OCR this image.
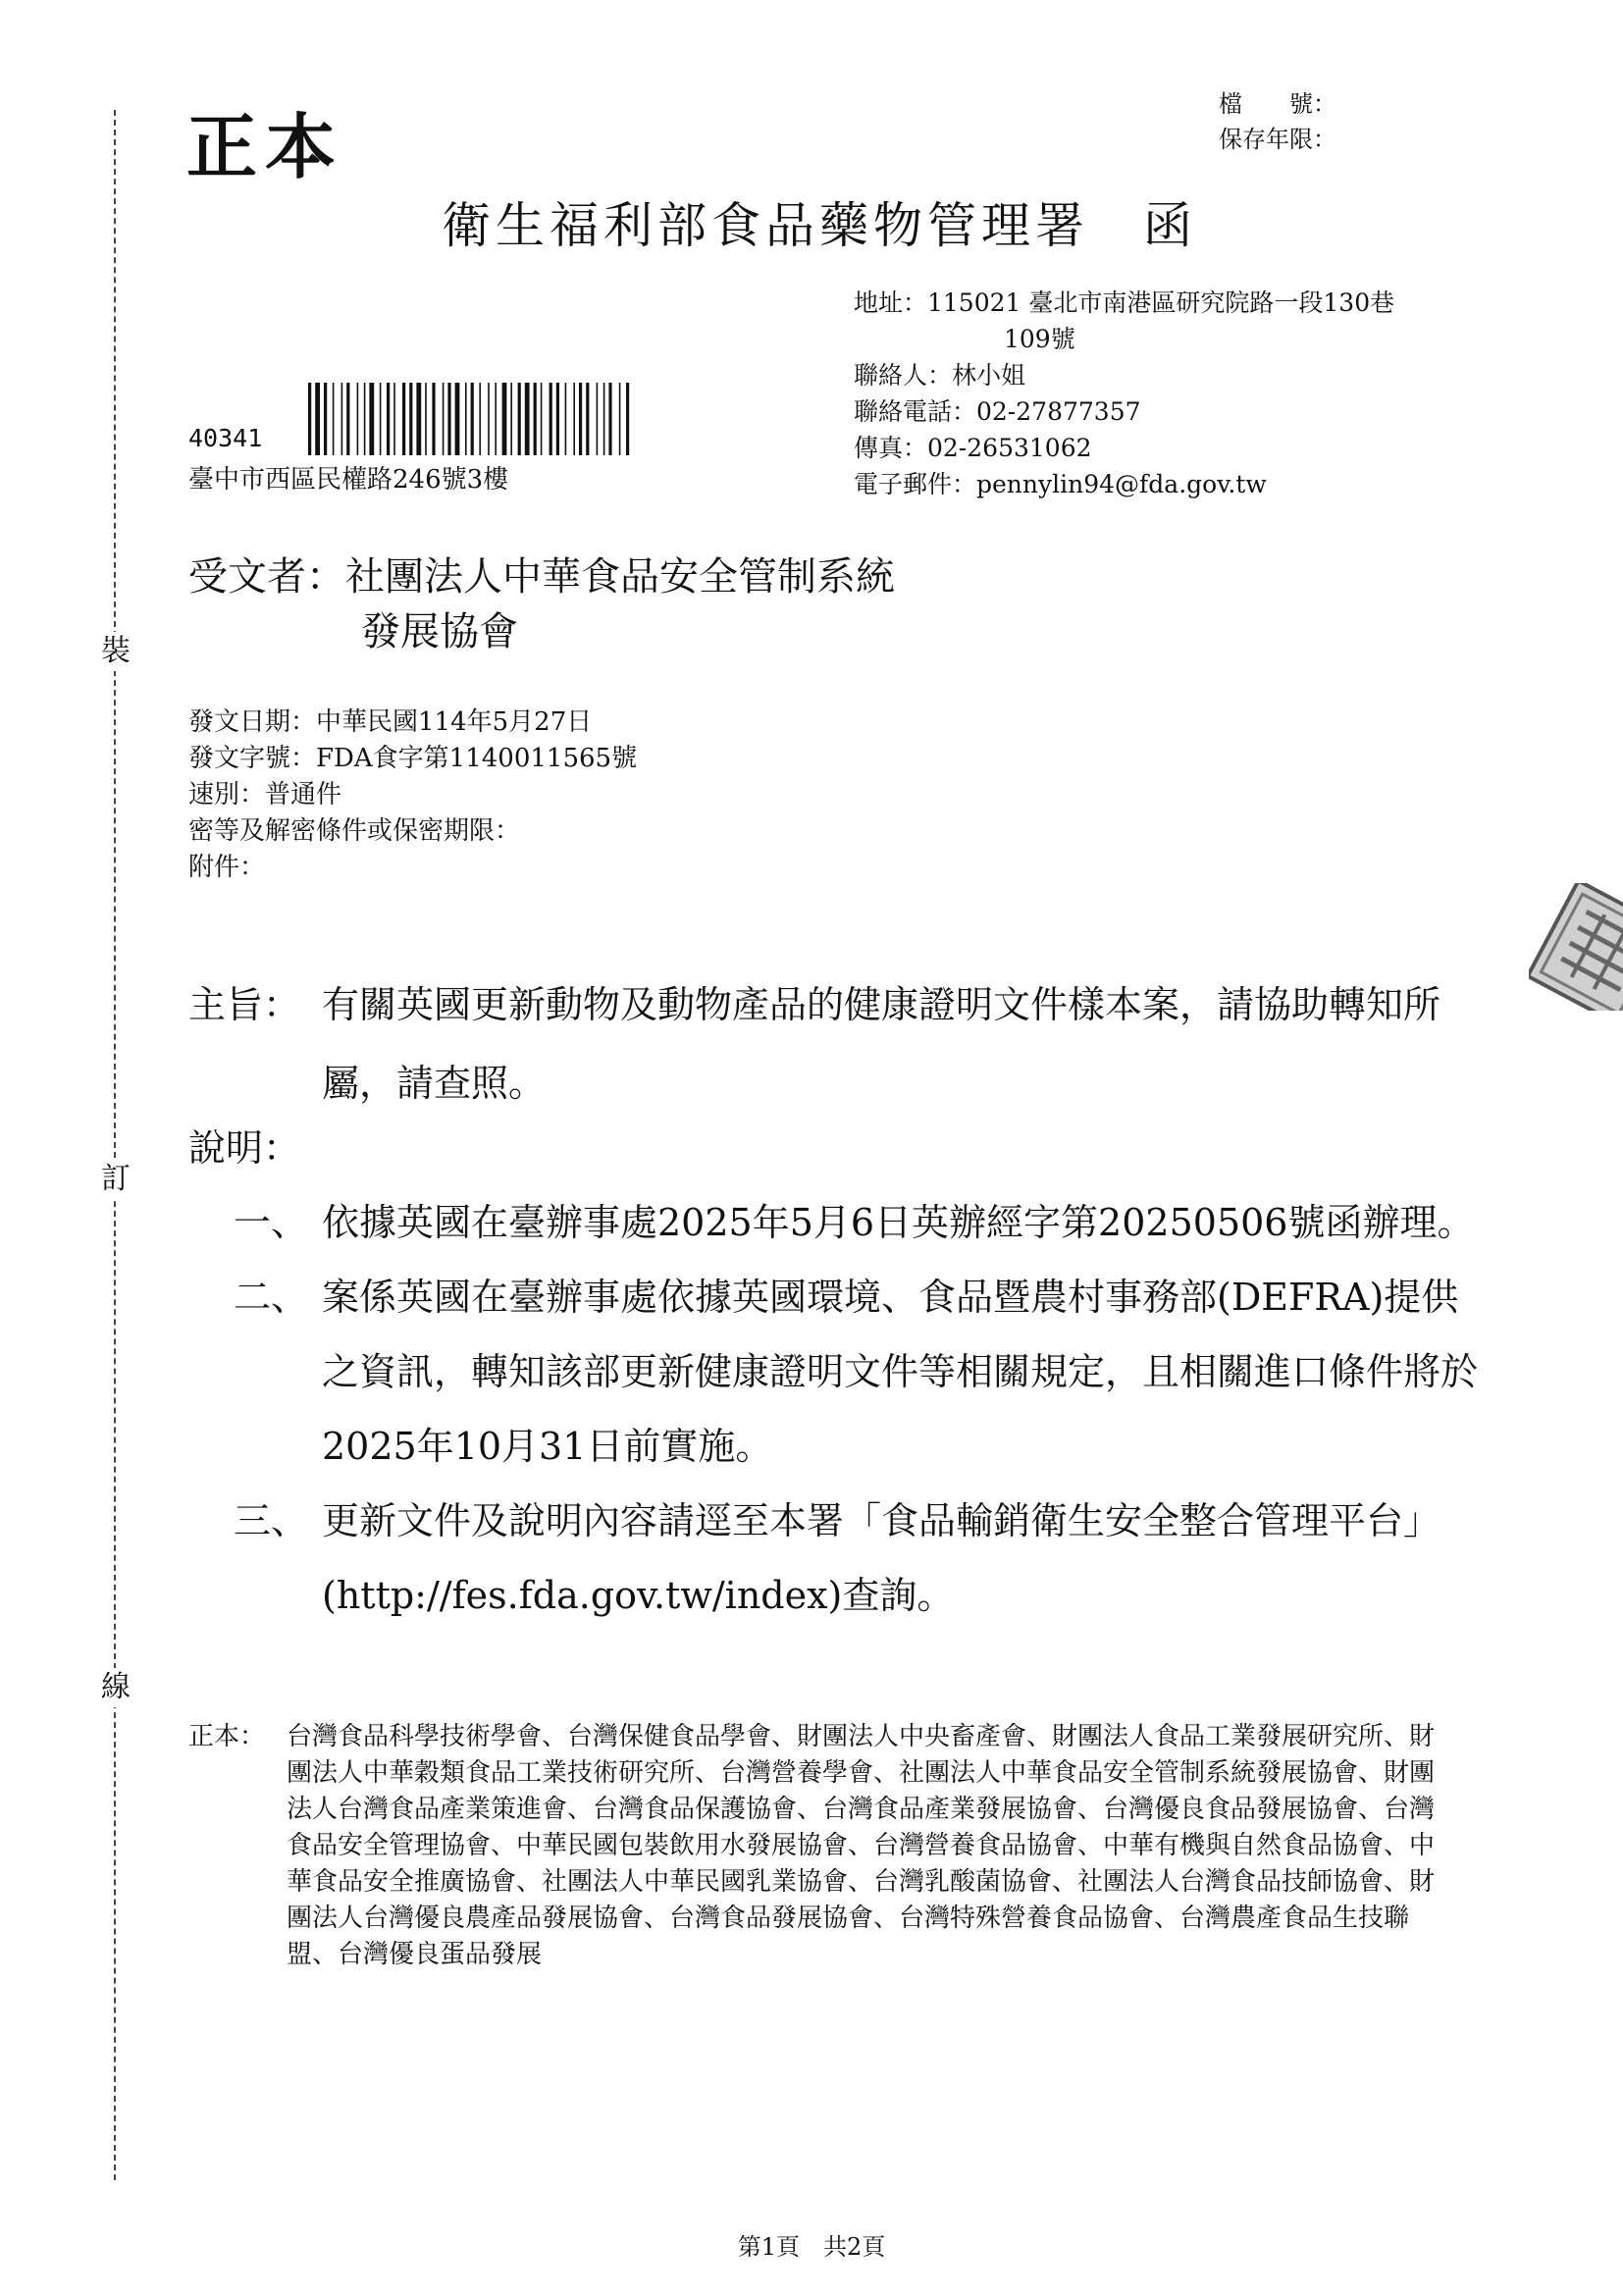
裝
訂
線
正本
檔　　號：
保存年限：
衛生福利部食品藥物管理署　函
地址：115021 臺北市南港區研究院路一段130巷
109號
聯絡人：林小姐
聯絡電話：02-27877357
傳真：02-26531062
電子郵件：pennylin94@fda.gov.tw
40341
臺中市西區民權路246號3樓
受文者：社團法人中華食品安全管制系統
發展協會
發文日期：中華民國114年5月27日
發文字號：FDA食字第1140011565號
速別：普通件
密等及解密條件或保密期限：
附件：
主旨： 有關英國更新動物及動物產品的健康證明文件樣本案，請協助轉知所屬，請查照。
說明：
一、 依據英國在臺辦事處2025年5月6日英辦經字第20250506號函辦理。
二、 案係英國在臺辦事處依據英國環境、食品暨農村事務部(DEFRA)提供之資訊，轉知該部更新健康證明文件等相關規定，且相關進口條件將於2025年10月31日前實施。
三、 更新文件及說明內容請逕至本署「食品輸銷衛生安全整合管理平台」(http://fes.fda.gov.tw/index)查詢。
正本： 台灣食品科學技術學會、台灣保健食品學會、財團法人中央畜產會、財團法人食品工業發展研究所、財團法人中華穀類食品工業技術研究所、台灣營養學會、社團法人中華食品安全管制系統發展協會、財團法人台灣食品產業策進會、台灣食品保護協會、台灣食品產業發展協會、台灣優良食品發展協會、台灣食品安全管理協會、中華民國包裝飲用水發展協會、台灣營養食品協會、中華有機與自然食品協會、中華食品安全推廣協會、社團法人中華民國乳業協會、台灣乳酸菌協會、社團法人台灣食品技師協會、財團法人台灣優良農產品發展協會、台灣食品發展協會、台灣特殊營養食品協會、台灣農產食品生技聯盟、台灣優良蛋品發展
第1頁　共2頁
